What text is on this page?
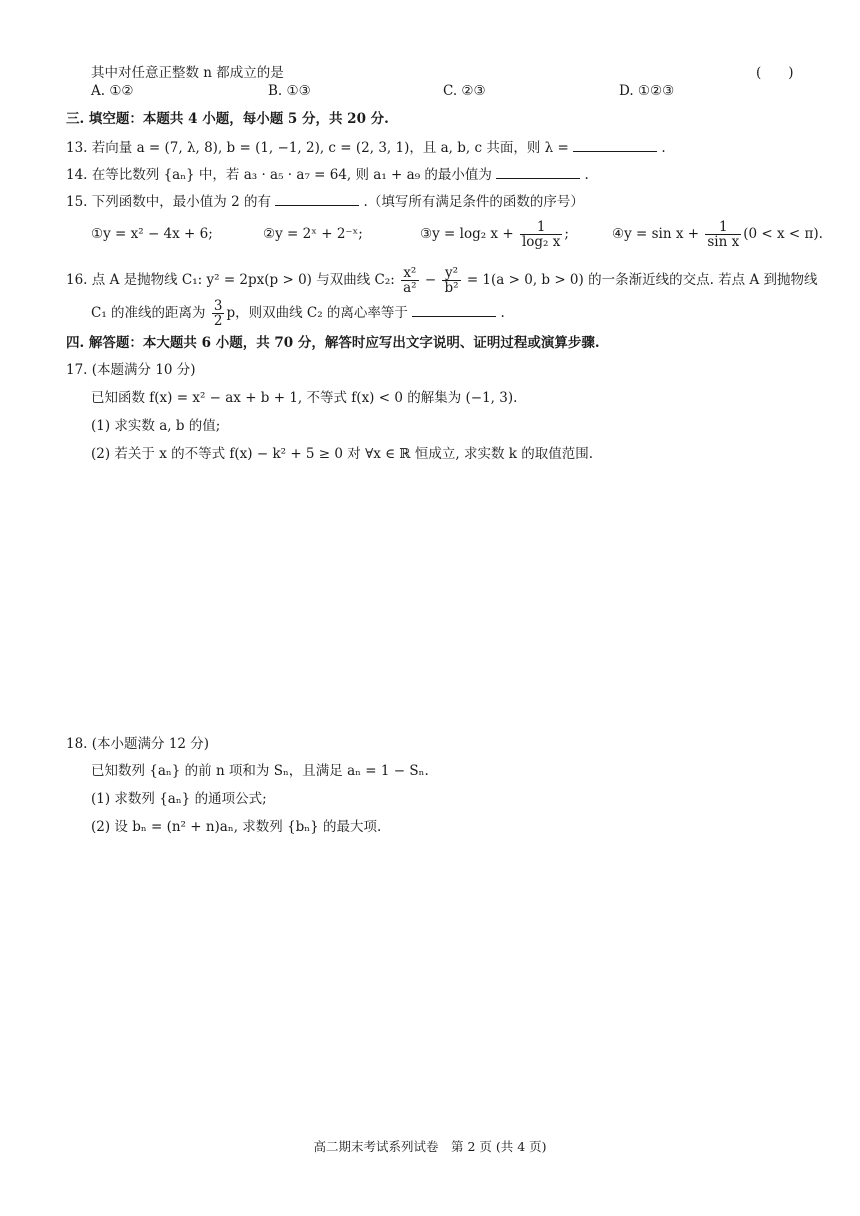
其中对任意正整数 n 都成立的是	(　　)
A. ①②	B. ①③	C. ②③	D. ①②③
三. 填空题：本题共 4 小题，每小题 5 分，共 20 分.
13. 若向量 a = (7, λ, 8), b = (1, −1, 2), c = (2, 3, 1)，且 a, b, c 共面，则 λ =	.
14. 在等比数列 {aₙ} 中，若 a₃ · a₅ · a₇ = 64, 则 a₁ + a₉ 的最小值为	.
15. 下列函数中，最小值为 2 的有	.（填写所有满足条件的函数的序号）
①y = x² − 4x + 6;	②y = 2ˣ + 2⁻ˣ;	③y = log₂ $x + \frac{1}{\text{log₂ x}}$ ;	④y = $\sin x + \frac{1}{\text{sin x}} (0 < x < \pi)$.
16. 点 A 是抛物线 C₁: y² = 2px(p > 0) 与双曲线 C₂: $\frac{\text{x²}}{\text{a²}} - \frac{\text{y²}}{\text{b²}} = 1(a > 0$, b > 0) 的一条渐近线的交点. 若点 A 到抛物线
C₁ 的准线的距离为 $\frac{3}{2}$ p，则双曲线 C₂ 的离心率等于	.
四. 解答题：本大题共 6 小题，共 70 分，解答时应写出文字说明、证明过程或演算步骤.
17. (本题满分 10 分)
已知函数 f(x) = x² − ax + b + 1, 不等式 f(x) < 0 的解集为 (−1, 3).
(1) 求实数 a, b 的值;
(2) 若关于 x 的不等式 f(x) − k² + 5 ≥ 0 对 ∀x ∈ ℝ 恒成立, 求实数 k 的取值范围.
18. (本小题满分 12 分)
已知数列 {aₙ} 的前 n 项和为 Sₙ，且满足 aₙ = 1 − Sₙ.
(1) 求数列 {aₙ} 的通项公式;
(2) 设 bₙ = (n² + n)aₙ, 求数列 {bₙ} 的最大项.
高二期末考试系列试卷　第 2 页 (共 4 页)
